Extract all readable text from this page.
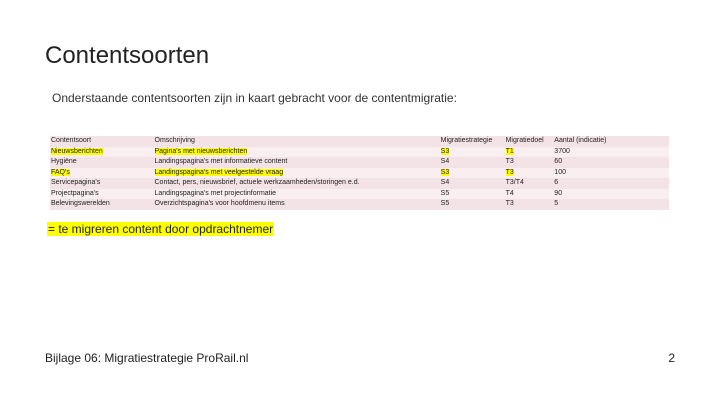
Contentsoorten
Onderstaande contentsoorten zijn in kaart gebracht voor de contentmigratie:
Contentsoort	Omschrijving	Migratiestrategie	Migratiedoel	Aantal (indicatie)
Nieuwsberichten	Pagina's met nieuwsberichten	S3	T1	3700
Hygiëne	Landingspagina's met informatieve content	S4	T3	60
FAQ's	Landingspagina's met veelgestelde vraag	S3	T3	100
Servicepagina's	Contact, pers, nieuwsbrief, actuele werkzaamheden/storingen e.d.	S4	T3/T4	6
Projectpagina's	Landingspagina's met projectinformatie	S5	T4	90
Belevingswerelden	Overzichtspagina's voor hoofdmenu items	S5	T3	5
= te migreren content door opdrachtnemer
Bijlage 06: Migratiestrategie ProRail.nl	2
